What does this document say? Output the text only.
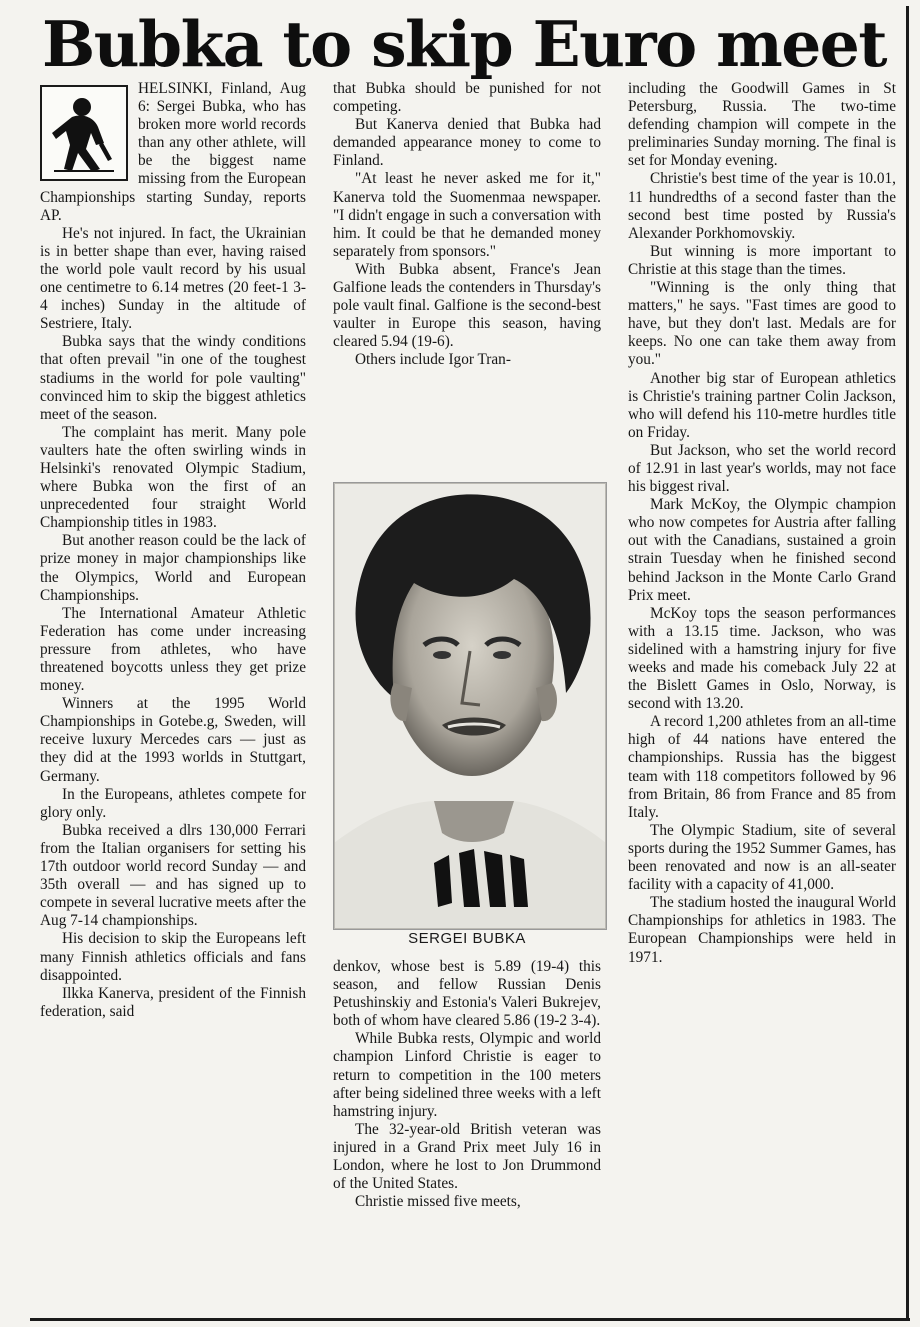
Bubka to skip Euro meet

HELSINKI, Finland, Aug 6: Sergei Bubka, who has broken more world records than any other athlete, will be the biggest name missing from the European Championships starting Sunday, reports AP.

He's not injured. In fact, the Ukrainian is in better shape than ever, having raised the world pole vault record by his usual one centimetre to 6.14 metres (20 feet-1 3-4 inches) Sunday in the altitude of Sestriere, Italy.

Bubka says that the windy conditions that often prevail "in one of the toughest stadiums in the world for pole vaulting" convinced him to skip the biggest athletics meet of the season.

The complaint has merit. Many pole vaulters hate the often swirling winds in Helsinki's renovated Olympic Stadium, where Bubka won the first of an unprecedented four straight World Championship titles in 1983.

But another reason could be the lack of prize money in major championships like the Olympics, World and European Championships.

The International Amateur Athletic Federation has come under increasing pressure from athletes, who have threatened boycotts unless they get prize money.

Winners at the 1995 World Championships in Gotebe.g, Sweden, will receive luxury Mercedes cars — just as they did at the 1993 worlds in Stuttgart, Germany.

In the Europeans, athletes compete for glory only.

Bubka received a dlrs 130,000 Ferrari from the Italian organisers for setting his 17th outdoor world record Sunday — and 35th overall — and has signed up to compete in several lucrative meets after the Aug 7-14 championships.

His decision to skip the Europeans left many Finnish athletics officials and fans disappointed.

Ilkka Kanerva, president of the Finnish federation, said

that Bubka should be punished for not competing.

But Kanerva denied that Bubka had demanded appearance money to come to Finland.

"At least he never asked me for it," Kanerva told the Suomenmaa newspaper. "I didn't engage in such a conversation with him. It could be that he demanded money separately from sponsors."

With Bubka absent, France's Jean Galfione leads the contenders in Thursday's pole vault final. Galfione is the second-best vaulter in Europe this season, having cleared 5.94 (19-6).

Others include Igor Tran-

SERGEI BUBKA

denkov, whose best is 5.89 (19-4) this season, and fellow Russian Denis Petushinskiy and Estonia's Valeri Bukrejev, both of whom have cleared 5.86 (19-2 3-4).

While Bubka rests, Olympic and world champion Linford Christie is eager to return to competition in the 100 meters after being sidelined three weeks with a left hamstring injury.

The 32-year-old British veteran was injured in a Grand Prix meet July 16 in London, where he lost to Jon Drummond of the United States.

Christie missed five meets,

including the Goodwill Games in St Petersburg, Russia. The two-time defending champion will compete in the preliminaries Sunday morning. The final is set for Monday evening.

Christie's best time of the year is 10.01, 11 hundredths of a second faster than the second best time posted by Russia's Alexander Porkhomovskiy.

But winning is more important to Christie at this stage than the times.

"Winning is the only thing that matters," he says. "Fast times are good to have, but they don't last. Medals are for keeps. No one can take them away from you."

Another big star of European athletics is Christie's training partner Colin Jackson, who will defend his 110-metre hurdles title on Friday.

But Jackson, who set the world record of 12.91 in last year's worlds, may not face his biggest rival.

Mark McKoy, the Olympic champion who now competes for Austria after falling out with the Canadians, sustained a groin strain Tuesday when he finished second behind Jackson in the Monte Carlo Grand Prix meet.

McKoy tops the season performances with a 13.15 time. Jackson, who was sidelined with a hamstring injury for five weeks and made his comeback July 22 at the Bislett Games in Oslo, Norway, is second with 13.20.

A record 1,200 athletes from an all-time high of 44 nations have entered the championships. Russia has the biggest team with 118 competitors followed by 96 from Britain, 86 from France and 85 from Italy.

The Olympic Stadium, site of several sports during the 1952 Summer Games, has been renovated and now is an all-seater facility with a capacity of 41,000.

The stadium hosted the inaugural World Championships for athletics in 1983. The European Championships were held in 1971.
